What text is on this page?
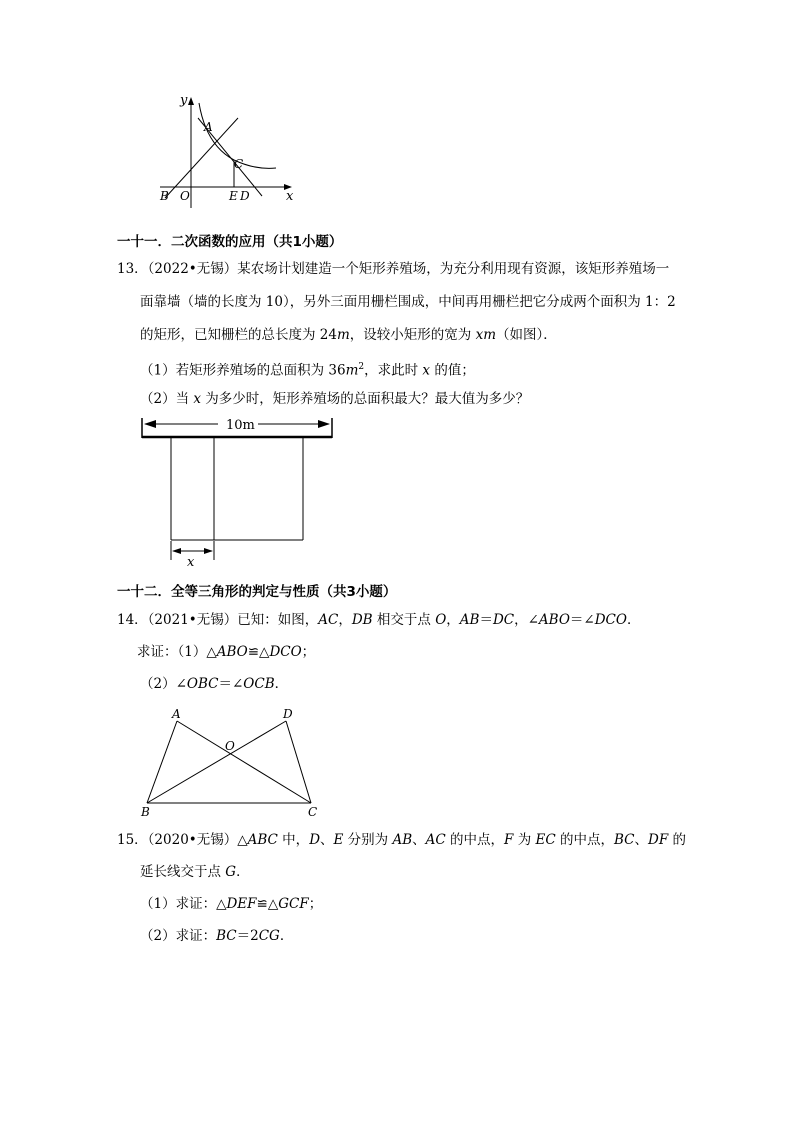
y
x
A
C
B O	E D
一十一．二次函数的应用（共1小题）
13．（2022•无锡）某农场计划建造一个矩形养殖场，为充分利用现有资源，该矩形养殖场一
面靠墙（墙的长度为 10），另外三面用栅栏围成，中间再用栅栏把它分成两个面积为 1：2
的矩形，已知栅栏的总长度为 24m，设较小矩形的宽为 xm（如图）．
（1）若矩形养殖场的总面积为 $36m^2$，求此时 x 的值；
（2）当 x 为多少时，矩形养殖场的总面积最大？最大值为多少？
10m
x
一十二．全等三角形的判定与性质（共3小题）
14．（2021•无锡）已知：如图，AC，DB 相交于点 O，AB＝DC，∠ABO＝∠DCO．
求证：（1）△ABO≌△DCO；
（2）∠OBC＝∠OCB．
A	D
O
B	C
15．（2020•无锡）△ABC 中，D、E 分别为 AB、AC 的中点，F 为 EC 的中点，BC、DF 的
延长线交于点 G．
（1）求证：△DEF≌△GCF；
（2）求证：BC＝2CG．
